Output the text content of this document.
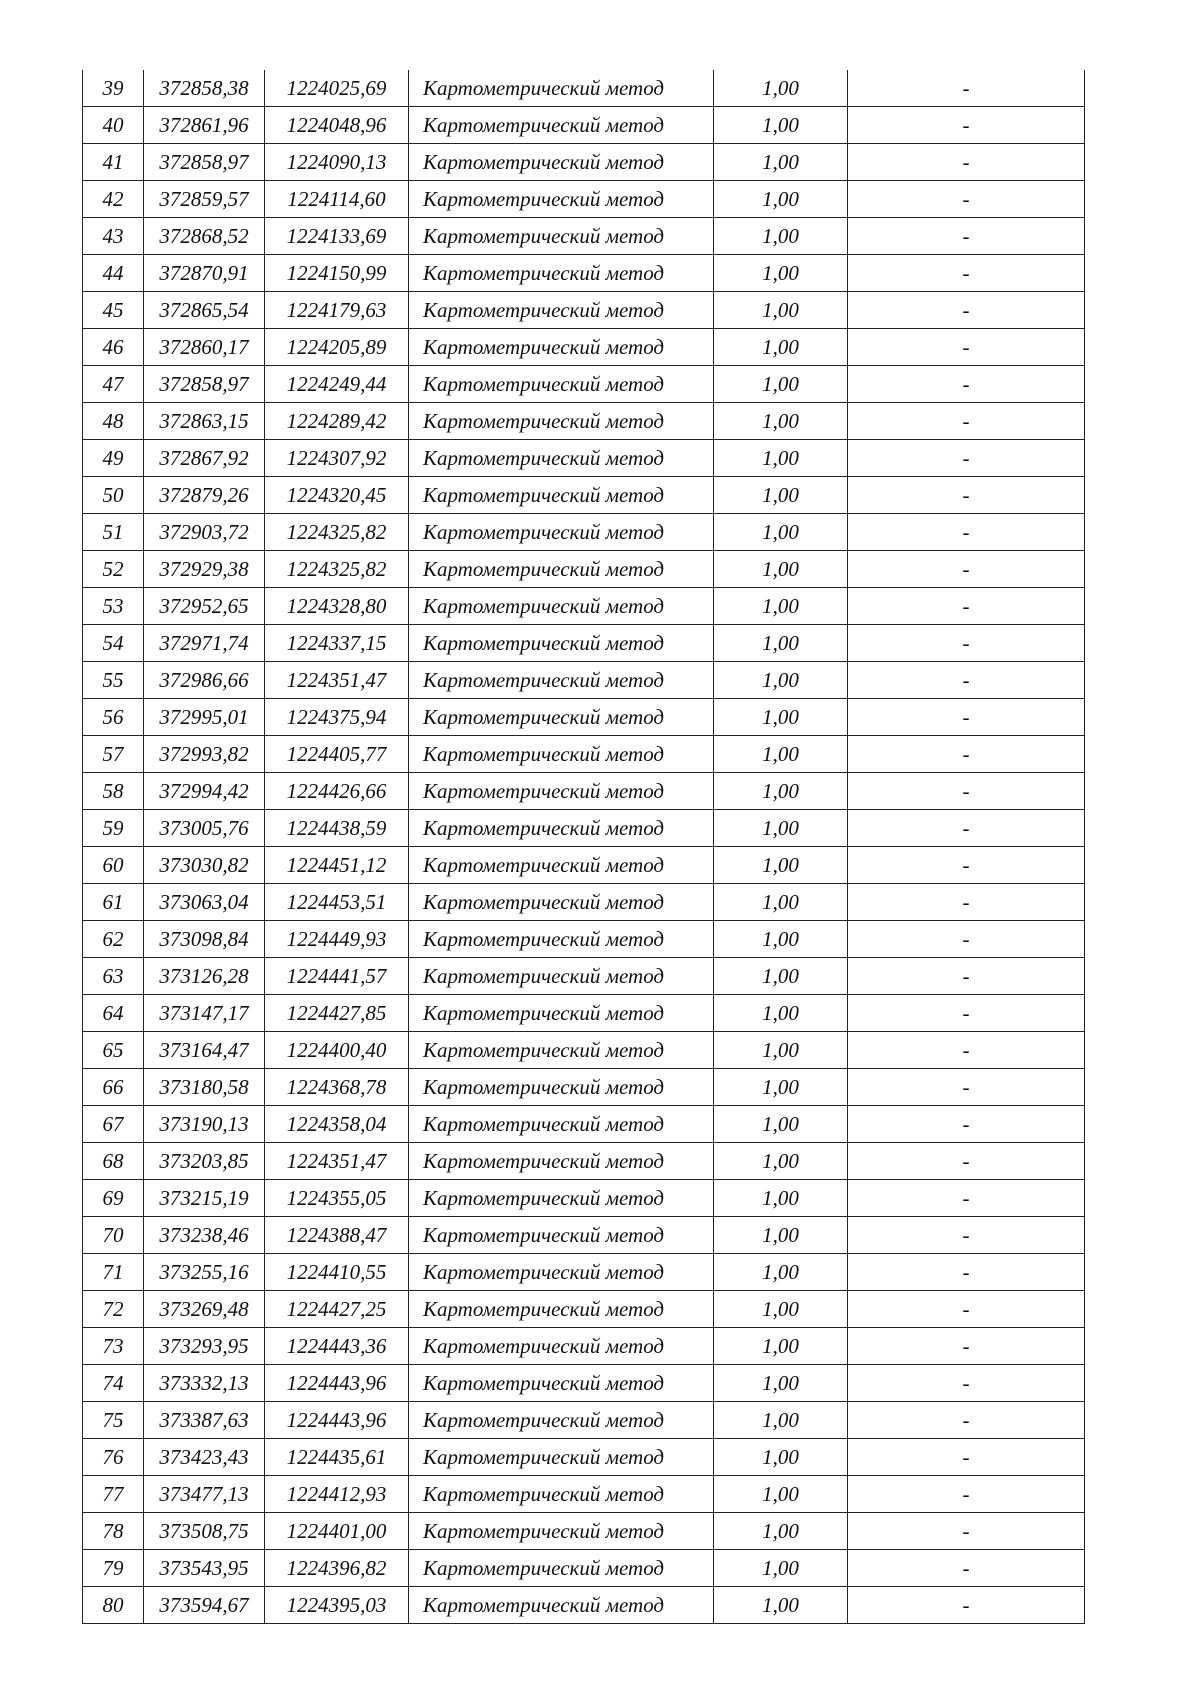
39	372858,38	1224025,69	Картометрический метод	1,00	-
40	372861,96	1224048,96	Картометрический метод	1,00	-
41	372858,97	1224090,13	Картометрический метод	1,00	-
42	372859,57	1224114,60	Картометрический метод	1,00	-
43	372868,52	1224133,69	Картометрический метод	1,00	-
44	372870,91	1224150,99	Картометрический метод	1,00	-
45	372865,54	1224179,63	Картометрический метод	1,00	-
46	372860,17	1224205,89	Картометрический метод	1,00	-
47	372858,97	1224249,44	Картометрический метод	1,00	-
48	372863,15	1224289,42	Картометрический метод	1,00	-
49	372867,92	1224307,92	Картометрический метод	1,00	-
50	372879,26	1224320,45	Картометрический метод	1,00	-
51	372903,72	1224325,82	Картометрический метод	1,00	-
52	372929,38	1224325,82	Картометрический метод	1,00	-
53	372952,65	1224328,80	Картометрический метод	1,00	-
54	372971,74	1224337,15	Картометрический метод	1,00	-
55	372986,66	1224351,47	Картометрический метод	1,00	-
56	372995,01	1224375,94	Картометрический метод	1,00	-
57	372993,82	1224405,77	Картометрический метод	1,00	-
58	372994,42	1224426,66	Картометрический метод	1,00	-
59	373005,76	1224438,59	Картометрический метод	1,00	-
60	373030,82	1224451,12	Картометрический метод	1,00	-
61	373063,04	1224453,51	Картометрический метод	1,00	-
62	373098,84	1224449,93	Картометрический метод	1,00	-
63	373126,28	1224441,57	Картометрический метод	1,00	-
64	373147,17	1224427,85	Картометрический метод	1,00	-
65	373164,47	1224400,40	Картометрический метод	1,00	-
66	373180,58	1224368,78	Картометрический метод	1,00	-
67	373190,13	1224358,04	Картометрический метод	1,00	-
68	373203,85	1224351,47	Картометрический метод	1,00	-
69	373215,19	1224355,05	Картометрический метод	1,00	-
70	373238,46	1224388,47	Картометрический метод	1,00	-
71	373255,16	1224410,55	Картометрический метод	1,00	-
72	373269,48	1224427,25	Картометрический метод	1,00	-
73	373293,95	1224443,36	Картометрический метод	1,00	-
74	373332,13	1224443,96	Картометрический метод	1,00	-
75	373387,63	1224443,96	Картометрический метод	1,00	-
76	373423,43	1224435,61	Картометрический метод	1,00	-
77	373477,13	1224412,93	Картометрический метод	1,00	-
78	373508,75	1224401,00	Картометрический метод	1,00	-
79	373543,95	1224396,82	Картометрический метод	1,00	-
80	373594,67	1224395,03	Картометрический метод	1,00	-
